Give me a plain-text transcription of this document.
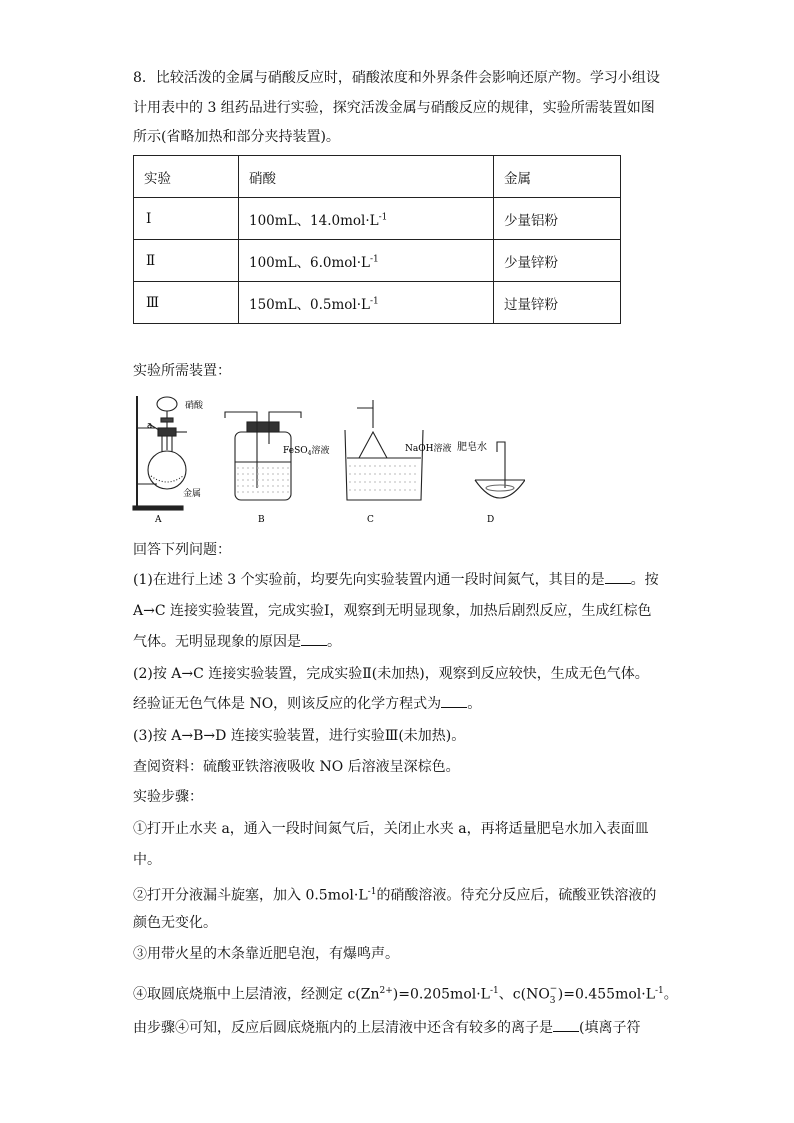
8．比较活泼的金属与硝酸反应时，硝酸浓度和外界条件会影响还原产物。学习小组设
计用表中的 3 组药品进行实验，探究活泼金属与硝酸反应的规律，实验所需装置如图
所示(省略加热和部分夹持装置)。
实验	硝酸	金属
Ⅰ	100mL、$14.0mol\cdot L^{-1}$	少量铝粉
Ⅱ	100mL、$6.0mol\cdot L^{-1}$	少量锌粉
Ⅲ	150mL、$0.5mol\cdot L^{-1}$	过量锌粉
实验所需装置：
硝酸
a
金属
FeSO$_4$溶液	NaOH溶液 肥皂水
A	B	C	D
回答下列问题：
(1)在进行上述 3 个实验前，均要先向实验装置内通一段时间氮气，其目的是 。按
A→C 连接实验装置，完成实验Ⅰ，观察到无明显现象，加热后剧烈反应，生成红棕色
气体。无明显现象的原因是 。
(2)按 A→C 连接实验装置，完成实验Ⅱ(未加热)，观察到反应较快，生成无色气体。
经验证无色气体是 NO，则该反应的化学方程式为 。
(3)按 A→B→D 连接实验装置，进行实验Ⅲ(未加热)。
查阅资料：硫酸亚铁溶液吸收 NO 后溶液呈深棕色。
实验步骤：
①打开止水夹 a，通入一段时间氮气后，关闭止水夹 a，再将适量肥皂水加入表面皿
中。
②打开分液漏斗旋塞，加入 $0.5mol\cdot L^{-1}$的硝酸溶液。待充分反应后，硫酸亚铁溶液的
颜色无变化。
③用带火星的木条靠近肥皂泡，有爆鸣声。
④取圆底烧瓶中上层清液，经测定 $c(Zn^{2+})=0.205mol\cdot L^{-1}$、c(NO −
3 )$=0.455mol\cdot L^{-1}$。
由步骤④可知，反应后圆底烧瓶内的上层清液中还含有较多的离子是 (填离子符
